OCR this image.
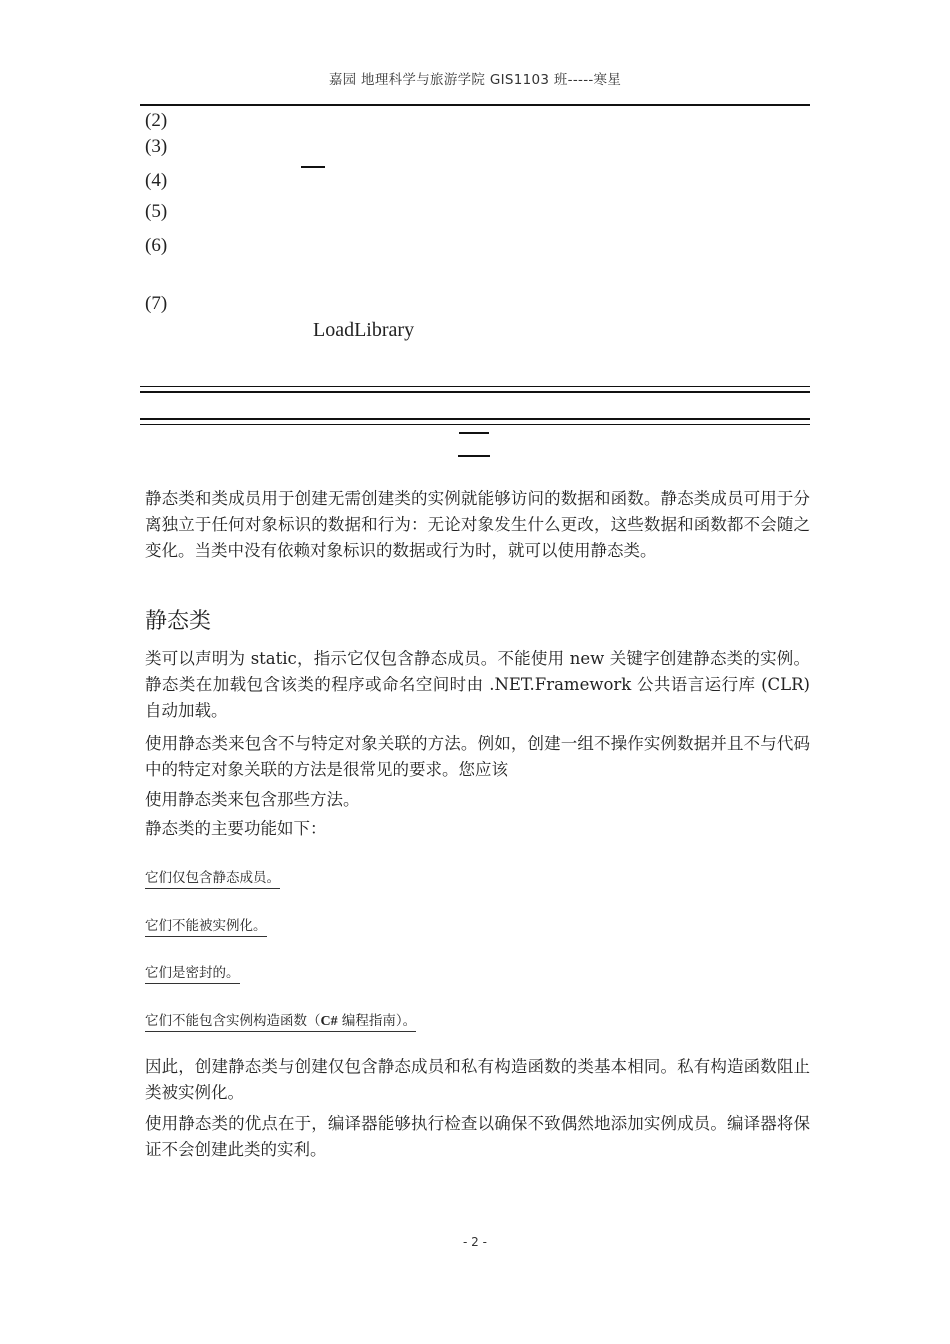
嘉园 地理科学与旅游学院 GIS1103 班-----寒星
(2)
(3)
(4)
(5)
(6)
(7)
LoadLibrary
静态类和类成员用于创建无需创建类的实例就能够访问的数据和函数。静态类成员可用于分离独立于任何对象标识的数据和行为：无论对象发生什么更改，这些数据和函数都不会随之变化。当类中没有依赖对象标识的数据或行为时，就可以使用静态类。
静态类
类可以声明为 static，指示它仅包含静态成员。不能使用 new 关键字创建静态类的实例。静态类在加载包含该类的程序或命名空间时由 .NET.Framework 公共语言运行库 (CLR) 自动加载。
使用静态类来包含不与特定对象关联的方法。例如，创建一组不操作实例数据并且不与代码中的特定对象关联的方法是很常见的要求。您应该
使用静态类来包含那些方法。
静态类的主要功能如下：
它们仅包含静态成员。
它们不能被实例化。
它们是密封的。
它们不能包含实例构造函数（C# 编程指南）。
因此，创建静态类与创建仅包含静态成员和私有构造函数的类基本相同。私有构造函数阻止类被实例化。
使用静态类的优点在于，编译器能够执行检查以确保不致偶然地添加实例成员。编译器将保证不会创建此类的实利。
- 2 -
